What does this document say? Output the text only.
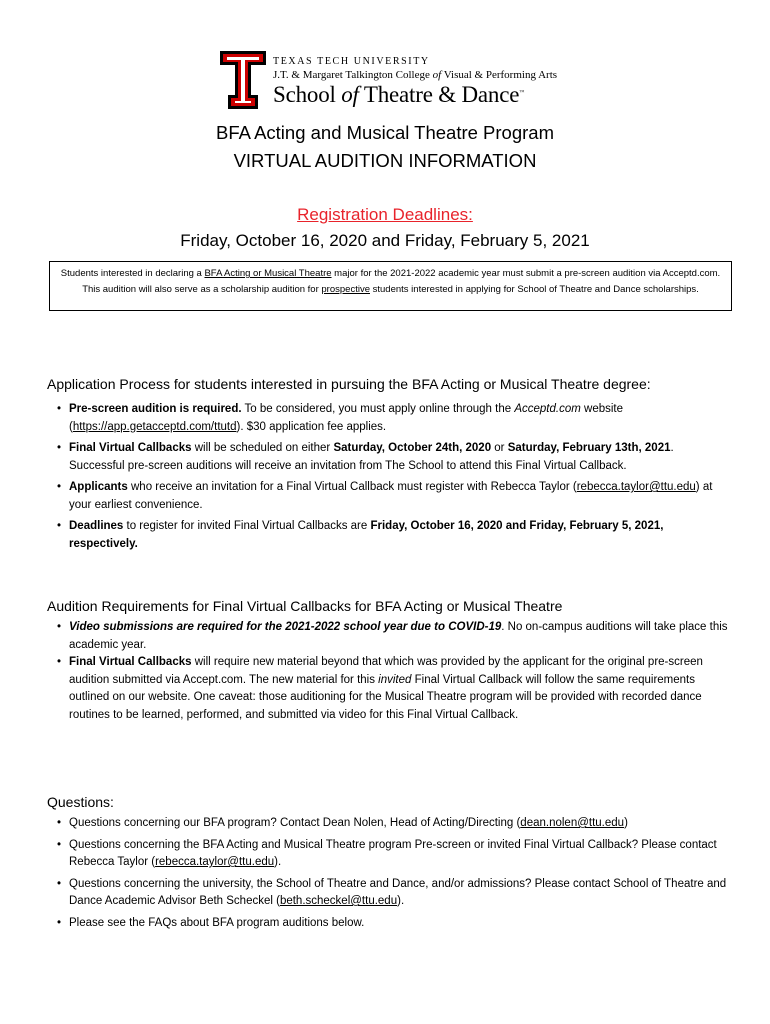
TEXAS TECH UNIVERSITY
J.T. & Margaret Talkington College of Visual & Performing Arts
School of Theatre & Dance™
BFA Acting and Musical Theatre Program
VIRTUAL AUDITION INFORMATION
Registration Deadlines:
Friday, October 16, 2020 and Friday, February 5, 2021
Students interested in declaring a BFA Acting or Musical Theatre major for the 2021-2022 academic year must submit a pre-screen audition via Acceptd.com. This audition will also serve as a scholarship audition for prospective students interested in applying for School of Theatre and Dance scholarships.
Application Process for students interested in pursuing the BFA Acting or Musical Theatre degree:
• Pre-screen audition is required. To be considered, you must apply online through the Acceptd.com website (https://app.getacceptd.com/ttutd). $30 application fee applies.
• Final Virtual Callbacks will be scheduled on either Saturday, October 24th, 2020 or Saturday, February 13th, 2021. Successful pre-screen auditions will receive an invitation from The School to attend this Final Virtual Callback.
• Applicants who receive an invitation for a Final Virtual Callback must register with Rebecca Taylor (rebecca.taylor@ttu.edu) at your earliest convenience.
• Deadlines to register for invited Final Virtual Callbacks are Friday, October 16, 2020 and Friday, February 5, 2021, respectively.
Audition Requirements for Final Virtual Callbacks for BFA Acting or Musical Theatre
• Video submissions are required for the 2021-2022 school year due to COVID-19. No on-campus auditions will take place this academic year.
• Final Virtual Callbacks will require new material beyond that which was provided by the applicant for the original pre-screen audition submitted via Accept.com. The new material for this invited Final Virtual Callback will follow the same requirements outlined on our website. One caveat: those auditioning for the Musical Theatre program will be provided with recorded dance routines to be learned, performed, and submitted via video for this Final Virtual Callback.
Questions:
• Questions concerning our BFA program? Contact Dean Nolen, Head of Acting/Directing (dean.nolen@ttu.edu)
• Questions concerning the BFA Acting and Musical Theatre program Pre-screen or invited Final Virtual Callback? Please contact Rebecca Taylor (rebecca.taylor@ttu.edu).
• Questions concerning the university, the School of Theatre and Dance, and/or admissions? Please contact School of Theatre and Dance Academic Advisor Beth Scheckel (beth.scheckel@ttu.edu).
• Please see the FAQs about BFA program auditions below.
